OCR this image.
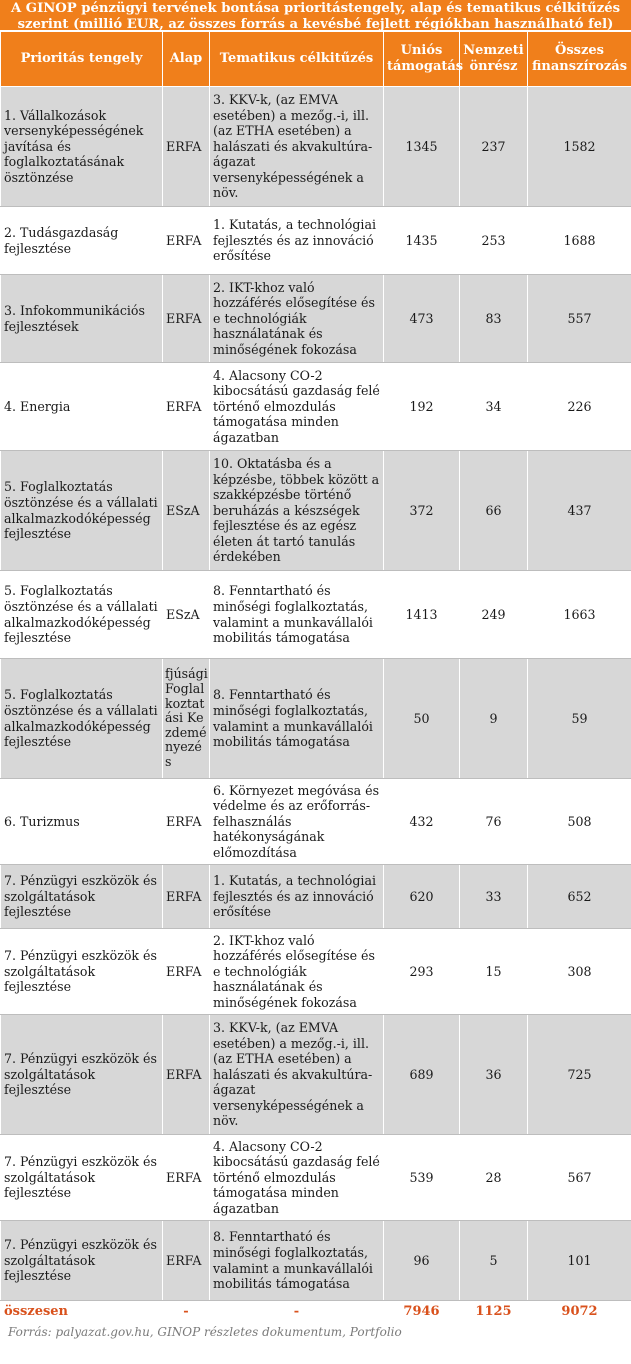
A GINOP pénzügyi tervének bontása prioritástengely, alap és tematikus célkitűzés szerint (millió EUR, az összes forrás a kevésbé fejlett régiókban használható fel)
Prioritás tengely	Alap	Tematikus célkitűzés	Uniós támogatás	Nemzeti önrész	Összes finanszírozás
1. Vállalkozások versenyképességének javítása és foglalkoztatásának ösztönzése	ERFA	3. KKV-k, (az EMVA esetében) a mezőg.-i, ill. (az ETHA esetében) a halászati és akvakultúra-ágazat versenyképességének a növ.	1345	237	1582
2. Tudásgazdaság fejlesztése	ERFA	1. Kutatás, a technológiai fejlesztés és az innováció erősítése	1435	253	1688
3. Infokommunikációs fejlesztések	ERFA	2. IKT-khoz való hozzáférés elősegítése és e technológiák használatának és minőségének fokozása	473	83	557
4. Energia	ERFA	4. Alacsony CO-2 kibocsátású gazdaság felé történő elmozdulás támogatása minden ágazatban	192	34	226
5. Foglalkoztatás ösztönzése és a vállalati alkalmazkodóképesség fejlesztése	ESzA	10. Oktatásba és a képzésbe, többek között a szakképzésbe történő beruházás a készségek fejlesztése és az egész életen át tartó tanulás érdekében	372	66	437
5. Foglalkoztatás ösztönzése és a vállalati alkalmazkodóképesség fejlesztése	ESzA	8. Fenntartható és minőségi foglalkoztatás, valamint a munkavállalói mobilitás támogatása	1413	249	1663
5. Foglalkoztatás ösztönzése és a vállalati alkalmazkodóképesség fejlesztése	fjúsági Foglalkoztatási Kezdeményezés	8. Fenntartható és minőségi foglalkoztatás, valamint a munkavállalói mobilitás támogatása	50	9	59
6. Turizmus	ERFA	6. Környezet megóvása és védelme és az erőforrás-felhasználás hatékonyságának előmozdítása	432	76	508
7. Pénzügyi eszközök és szolgáltatások fejlesztése	ERFA	1. Kutatás, a technológiai fejlesztés és az innováció erősítése	620	33	652
7. Pénzügyi eszközök és szolgáltatások fejlesztése	ERFA	2. IKT-khoz való hozzáférés elősegítése és e technológiák használatának és minőségének fokozása	293	15	308
7. Pénzügyi eszközök és szolgáltatások fejlesztése	ERFA	3. KKV-k, (az EMVA esetében) a mezőg.-i, ill. (az ETHA esetében) a halászati és akvakultúra-ágazat versenyképességének a növ.	689	36	725
7. Pénzügyi eszközök és szolgáltatások fejlesztése	ERFA	4. Alacsony CO-2 kibocsátású gazdaság felé történő elmozdulás támogatása minden ágazatban	539	28	567
7. Pénzügyi eszközök és szolgáltatások fejlesztése	ERFA	8. Fenntartható és minőségi foglalkoztatás, valamint a munkavállalói mobilitás támogatása	96	5	101
összesen	-	-	7946	1125	9072
Forrás: palyazat.gov.hu, GINOP részletes dokumentum, Portfolio
